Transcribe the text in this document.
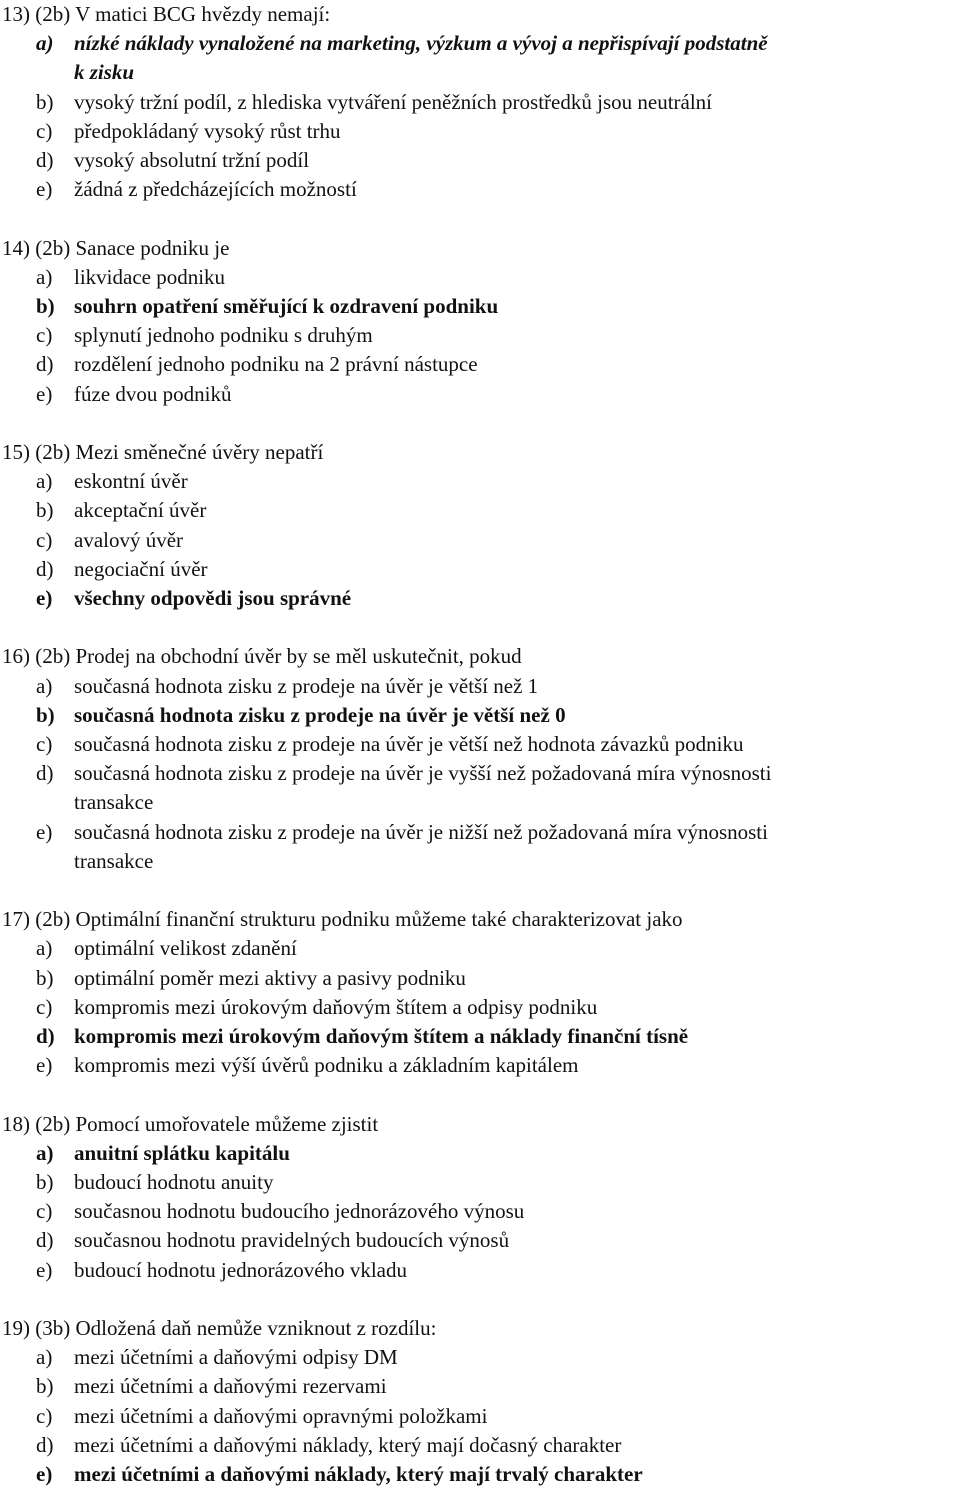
13) (2b) V matici BCG hvězdy nemají:
a) nízké náklady vynaložené na marketing, výzkum a vývoj a nepřispívají podstatně
k zisku
b) vysoký tržní podíl, z hlediska vytváření peněžních prostředků jsou neutrální
c) předpokládaný vysoký růst trhu
d) vysoký absolutní tržní podíl
e) žádná z předcházejících možností
14) (2b) Sanace podniku je
a) likvidace podniku
b) souhrn opatření směřující k ozdravení podniku
c) splynutí jednoho podniku s druhým
d) rozdělení jednoho podniku na 2 právní nástupce
e) fúze dvou podniků
15) (2b) Mezi směnečné úvěry nepatří
a) eskontní úvěr
b) akceptační úvěr
c) avalový úvěr
d) negociační úvěr
e) všechny odpovědi jsou správné
16) (2b) Prodej na obchodní úvěr by se měl uskutečnit, pokud
a) současná hodnota zisku z prodeje na úvěr je větší než 1
b) současná hodnota zisku z prodeje na úvěr je větší než 0
c) současná hodnota zisku z prodeje na úvěr je větší než hodnota závazků podniku
d) současná hodnota zisku z prodeje na úvěr je vyšší než požadovaná míra výnosnosti
transakce
e) současná hodnota zisku z prodeje na úvěr je nižší než požadovaná míra výnosnosti
transakce
17) (2b) Optimální finanční strukturu podniku můžeme také charakterizovat jako
a) optimální velikost zdanění
b) optimální poměr mezi aktivy a pasivy podniku
c) kompromis mezi úrokovým daňovým štítem a odpisy podniku
d) kompromis mezi úrokovým daňovým štítem a náklady finanční tísně
e) kompromis mezi výší úvěrů podniku a základním kapitálem
18) (2b) Pomocí umořovatele můžeme zjistit
a) anuitní splátku kapitálu
b) budoucí hodnotu anuity
c) současnou hodnotu budoucího jednorázového výnosu
d) současnou hodnotu pravidelných budoucích výnosů
e) budoucí hodnotu jednorázového vkladu
19) (3b) Odložená daň nemůže vzniknout z rozdílu:
a) mezi účetními a daňovými odpisy DM
b) mezi účetními a daňovými rezervami
c) mezi účetními a daňovými opravnými položkami
d) mezi účetními a daňovými náklady, který mají dočasný charakter
e) mezi účetními a daňovými náklady, který mají trvalý charakter
